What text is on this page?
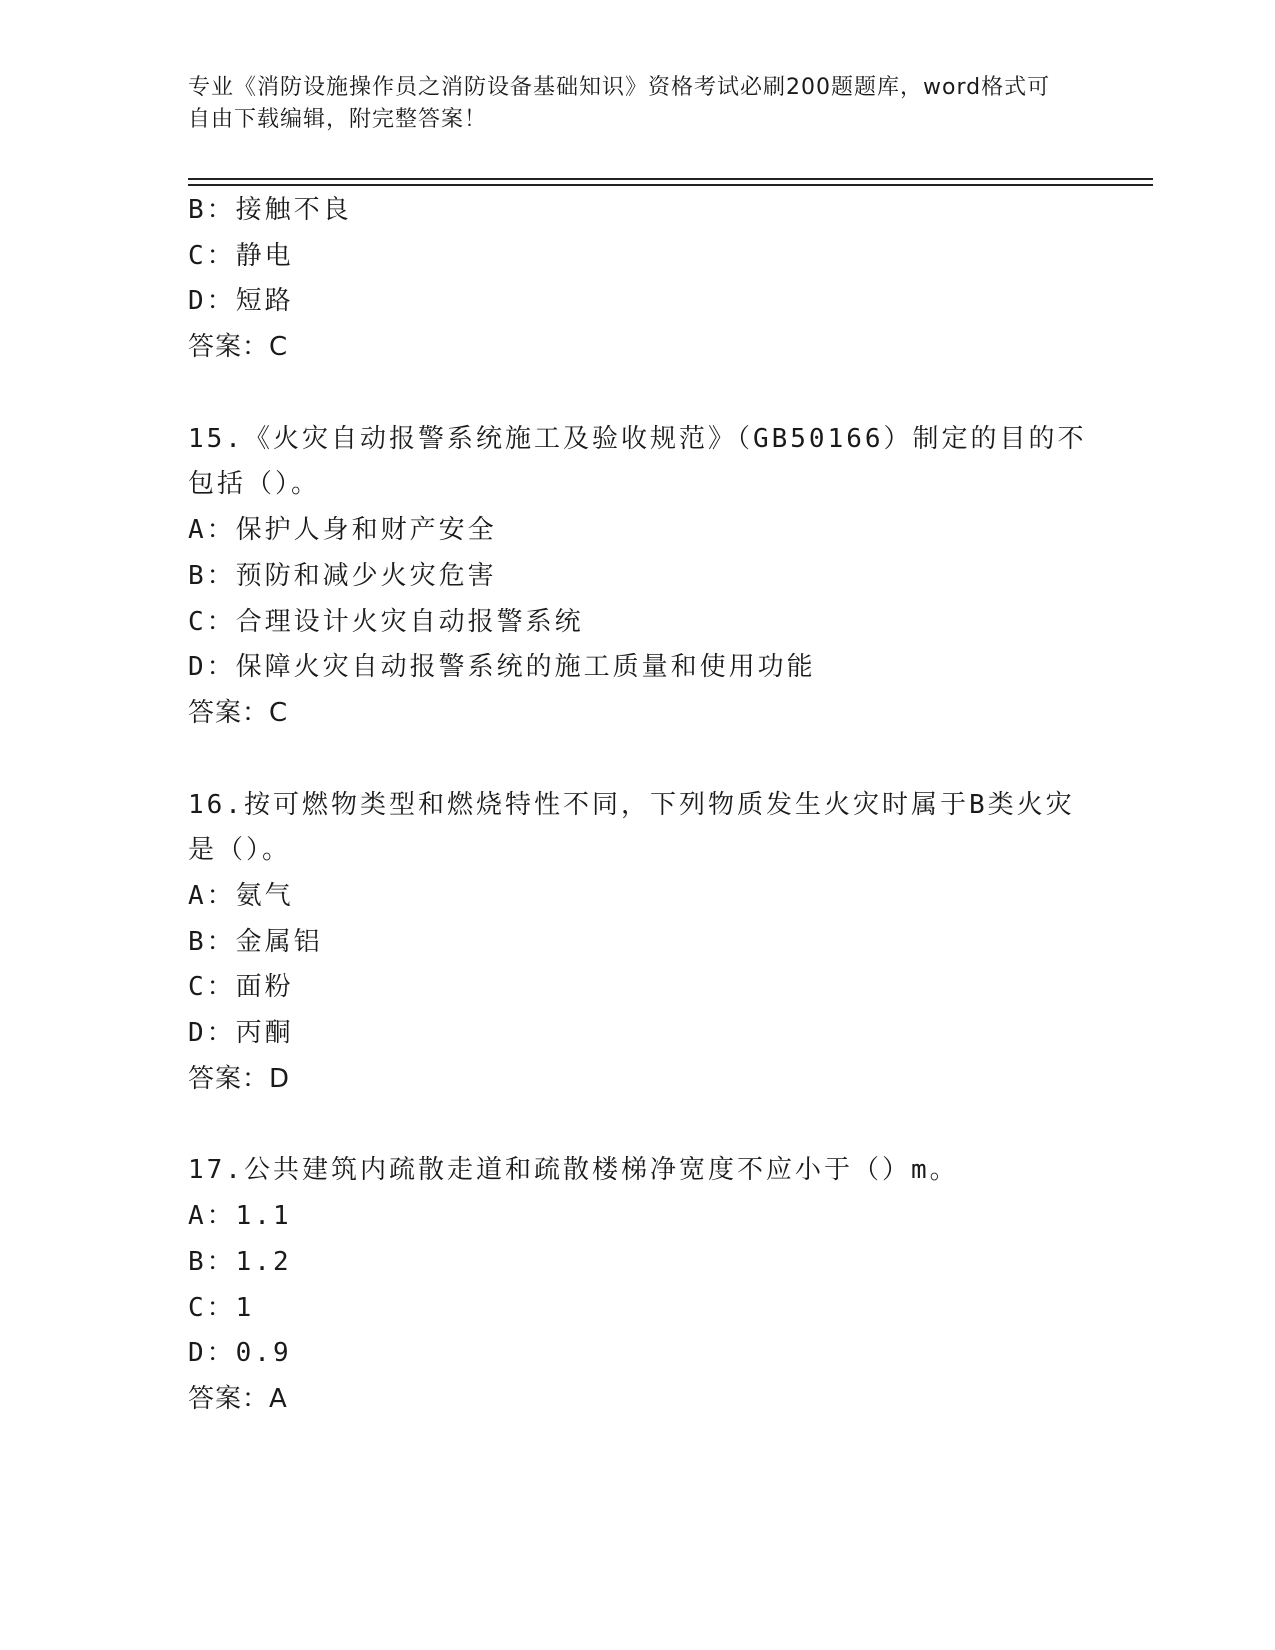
专业《消防设施操作员之消防设备基础知识》资格考试必刷200题题库，word格式可自由下载编辑，附完整答案！
B：接触不良
C：静电
D：短路
答案：C
15.《火灾自动报警系统施工及验收规范》（GB50166）制定的目的不包括（）。
A：保护人身和财产安全
B：预防和减少火灾危害
C：合理设计火灾自动报警系统
D：保障火灾自动报警系统的施工质量和使用功能
答案：C
16.按可燃物类型和燃烧特性不同，下列物质发生火灾时属于B类火灾是（）。
A：氨气
B：金属铝
C：面粉
D：丙酮
答案：D
17.公共建筑内疏散走道和疏散楼梯净宽度不应小于（）m。
A：1.1
B：1.2
C：1
D：0.9
答案：A
